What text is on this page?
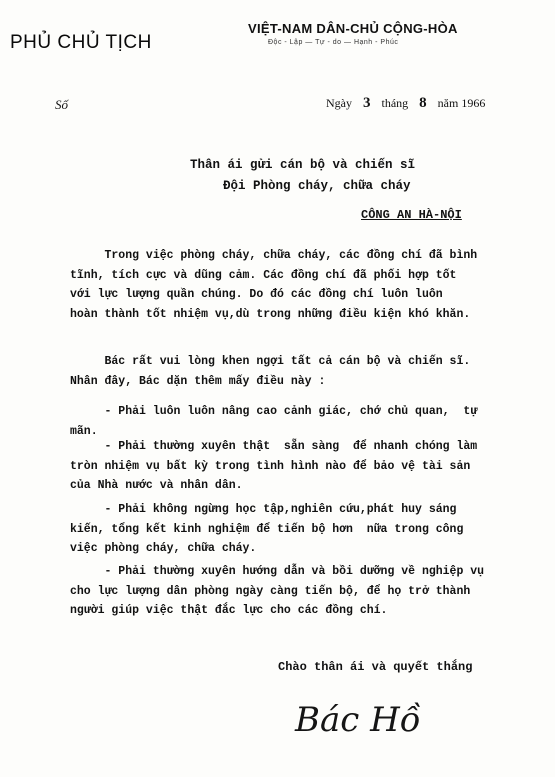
PHỦ CHỦ TỊCH
VIỆT-NAM DÂN-CHỦ CỘNG-HÒA
Độc - Lập — Tự - do — Hạnh - Phúc
Số	Ngày 3 tháng 8 năm 1966
Thân ái gửi cán bộ và chiến sĩ
Đội Phòng cháy, chữa cháy
CÔNG AN HÀ-NỘI
Trong việc phòng cháy, chữa cháy, các đồng chí đã bình
tĩnh, tích cực và dũng cảm. Các đồng chí đã phối hợp tốt
với lực lượng quần chúng. Do đó các đồng chí luôn luôn
hoàn thành tốt nhiệm vụ,dù trong những điều kiện khó khăn.
Bác rất vui lòng khen ngợi tất cả cán bộ và chiến sĩ.
Nhân đây, Bác dặn thêm mấy điều này :
- Phải luôn luôn nâng cao cảnh giác, chớ chủ quan,  tự
mãn.
- Phải thường xuyên thật  sẵn sàng  để nhanh chóng làm
tròn nhiệm vụ bất kỳ trong tình hình nào để bảo vệ tài sản
của Nhà nước và nhân dân.
- Phải không ngừng học tập,nghiên cứu,phát huy sáng
kiến, tổng kết kinh nghiệm để tiến bộ hơn  nữa trong công
việc phòng cháy, chữa cháy.
- Phải thường xuyên hướng dẫn và bồi dưỡng về nghiệp vụ
cho lực lượng dân phòng ngày càng tiến bộ, để họ trở thành
người giúp việc thật đắc lực cho các đồng chí.
Chào thân ái và quyết thắng
Bác Hồ
